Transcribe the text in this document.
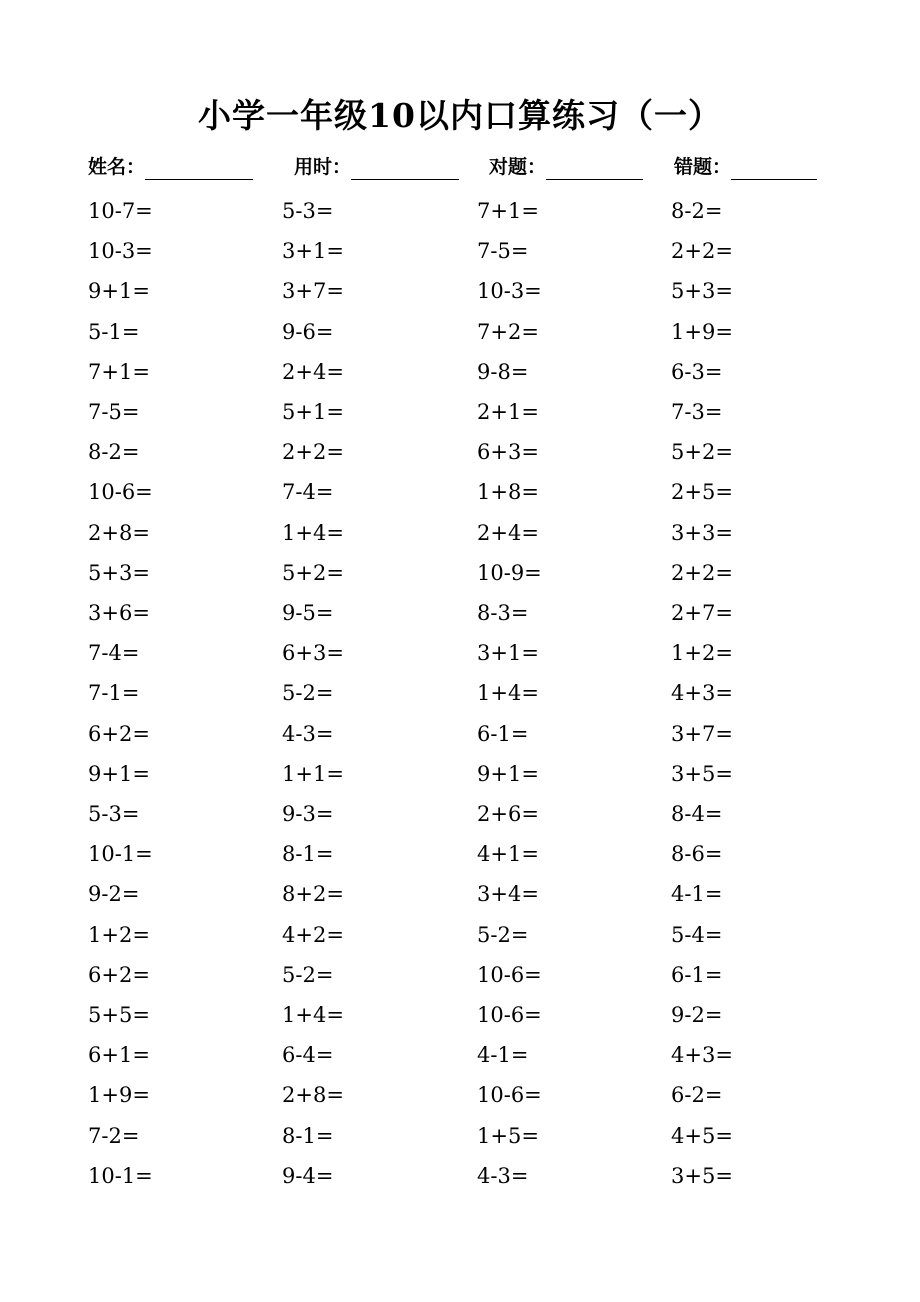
小学一年级10以内口算练习（一）
姓名：	用时：	对题：	错题：
10-7=	5-3=	7+1=	8-2=
10-3=	3+1=	7-5=	2+2=
9+1=	3+7=	10-3=	5+3=
5-1=	9-6=	7+2=	1+9=
7+1=	2+4=	9-8=	6-3=
7-5=	5+1=	2+1=	7-3=
8-2=	2+2=	6+3=	5+2=
10-6=	7-4=	1+8=	2+5=
2+8=	1+4=	2+4=	3+3=
5+3=	5+2=	10-9=	2+2=
3+6=	9-5=	8-3=	2+7=
7-4=	6+3=	3+1=	1+2=
7-1=	5-2=	1+4=	4+3=
6+2=	4-3=	6-1=	3+7=
9+1=	1+1=	9+1=	3+5=
5-3=	9-3=	2+6=	8-4=
10-1=	8-1=	4+1=	8-6=
9-2=	8+2=	3+4=	4-1=
1+2=	4+2=	5-2=	5-4=
6+2=	5-2=	10-6=	6-1=
5+5=	1+4=	10-6=	9-2=
6+1=	6-4=	4-1=	4+3=
1+9=	2+8=	10-6=	6-2=
7-2=	8-1=	1+5=	4+5=
10-1=	9-4=	4-3=	3+5=
